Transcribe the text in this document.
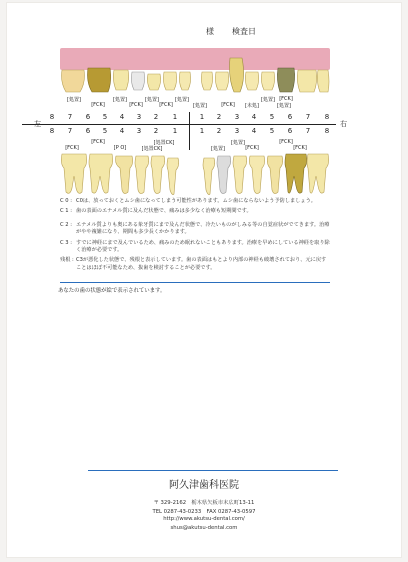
様 検査日
[処置]	[処置]	[処置]	[処置]
[処置]	[未処]
[処置]
[処置]
[FCK]	[FCK]	[FCK]
[FCK]
[FCK]
右
8 7 6 5 4 3 2 1	1 2 3 4 5 6 7 8
8 7 6 5 4 3 2 1	1 2 3 4 5 6 7 8
[FCK]
[P O]	[処置CK]
[処置CK]
[処置]
[FCK]
[FCK]
[処置]
[FCK]	[FCK]
C 0 : C0は、放っておくとムシ歯になってしまう可能性があります。ムシ歯にならないよう予防しましょう。
C 1 : 歯の表面のエナメル質に及んだ状態で、痛みは多少なく治療も短期間です。
C 2 : エナメル質よりも奥にある象牙質にまで及んだ状態で、冷たいものがしみる等の自覚症状がでてきます。治療がやや複雑になり、期間も多少長くかかります。
C 3 : すでに神経にまで及んでいるため、痛みのため眠れないこともあります。治療を早めにしている神経を取り除く治療が必要です。
残根 : C3が悪化した状態で、残根と表示しています。歯の表面はもとより内部の神経も破壊されており、元に戻すことはほぼ不可能なため、抜歯を検討することが必要です。
あなたの歯の状態が絵で表示されています。
阿久津歯科医院
〒 329-2162　栃木県矢板市末広町13-11
TEL 0287-43-0233　FAX 0287-43-0597
http://www.akutsu-dental.com/
shus@akutsu-dental.com
